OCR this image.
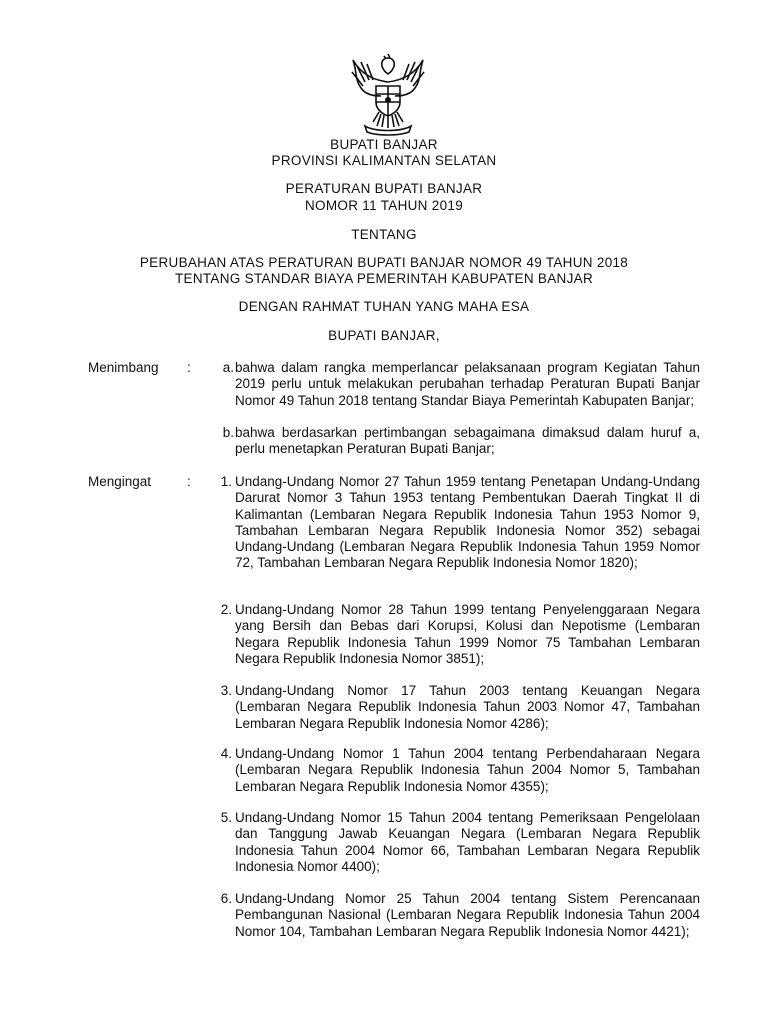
BUPATI BANJAR
PROVINSI KALIMANTAN SELATAN
PERATURAN BUPATI BANJAR
NOMOR 11 TAHUN 2019
TENTANG
PERUBAHAN ATAS PERATURAN BUPATI BANJAR NOMOR 49 TAHUN 2018
TENTANG STANDAR BIAYA PEMERINTAH KABUPATEN BANJAR
DENGAN RAHMAT TUHAN YANG MAHA ESA
BUPATI BANJAR,
Menimbang :	a. bahwa dalam rangka memperlancar pelaksanaan program Kegiatan Tahun 2019 perlu untuk melakukan perubahan terhadap Peraturan Bupati Banjar Nomor 49 Tahun 2018 tentang Standar Biaya Pemerintah Kabupaten Banjar;
b. bahwa berdasarkan pertimbangan sebagaimana dimaksud dalam huruf a, perlu menetapkan Peraturan Bupati Banjar;
Mengingat	:	1. Undang-Undang Nomor 27 Tahun 1959 tentang Penetapan Undang-Undang Darurat Nomor 3 Tahun 1953 tentang Pembentukan Daerah Tingkat II di Kalimantan (Lembaran Negara Republik Indonesia Tahun 1953 Nomor 9, Tambahan Lembaran Negara Republik Indonesia Nomor 352) sebagai Undang-Undang (Lembaran Negara Republik Indonesia Tahun 1959 Nomor 72, Tambahan Lembaran Negara Republik Indonesia Nomor 1820);
2. Undang-Undang Nomor 28 Tahun 1999 tentang Penyelenggaraan Negara yang Bersih dan Bebas dari Korupsi, Kolusi dan Nepotisme (Lembaran Negara Republik Indonesia Tahun 1999 Nomor 75 Tambahan Lembaran Negara Republik Indonesia Nomor 3851);
3. Undang-Undang Nomor 17 Tahun 2003 tentang Keuangan Negara (Lembaran Negara Republik Indonesia Tahun 2003 Nomor 47, Tambahan Lembaran Negara Republik Indonesia Nomor 4286);
4. Undang-Undang Nomor 1 Tahun 2004 tentang Perbendaharaan Negara (Lembaran Negara Republik Indonesia Tahun 2004 Nomor 5, Tambahan Lembaran Negara Republik Indonesia Nomor 4355);
5. Undang-Undang Nomor 15 Tahun 2004 tentang Pemeriksaan Pengelolaan dan Tanggung Jawab Keuangan Negara (Lembaran Negara Republik Indonesia Tahun 2004 Nomor 66, Tambahan Lembaran Negara Republik Indonesia Nomor 4400);
6. Undang-Undang Nomor 25 Tahun 2004 tentang Sistem Perencanaan Pembangunan Nasional (Lembaran Negara Republik Indonesia Tahun 2004 Nomor 104, Tambahan Lembaran Negara Republik Indonesia Nomor 4421);
